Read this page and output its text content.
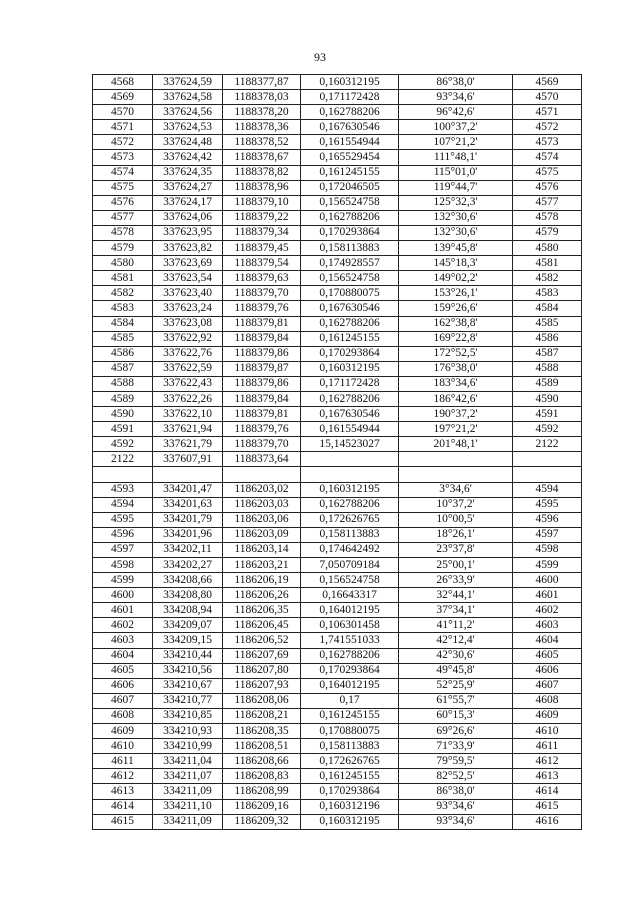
93
4568	337624,59	1188377,87	0,160312195	86°38,0'	4569
4569	337624,58	1188378,03	0,171172428	93°34,6'	4570
4570	337624,56	1188378,20	0,162788206	96°42,6'	4571
4571	337624,53	1188378,36	0,167630546	100°37,2'	4572
4572	337624,48	1188378,52	0,161554944	107°21,2'	4573
4573	337624,42	1188378,67	0,165529454	111°48,1'	4574
4574	337624,35	1188378,82	0,161245155	115°01,0'	4575
4575	337624,27	1188378,96	0,172046505	119°44,7'	4576
4576	337624,17	1188379,10	0,156524758	125°32,3'	4577
4577	337624,06	1188379,22	0,162788206	132°30,6'	4578
4578	337623,95	1188379,34	0,170293864	132°30,6'	4579
4579	337623,82	1188379,45	0,158113883	139°45,8'	4580
4580	337623,69	1188379,54	0,174928557	145°18,3'	4581
4581	337623,54	1188379,63	0,156524758	149°02,2'	4582
4582	337623,40	1188379,70	0,170880075	153°26,1'	4583
4583	337623,24	1188379,76	0,167630546	159°26,6'	4584
4584	337623,08	1188379,81	0,162788206	162°38,8'	4585
4585	337622,92	1188379,84	0,161245155	169°22,8'	4586
4586	337622,76	1188379,86	0,170293864	172°52,5'	4587
4587	337622,59	1188379,87	0,160312195	176°38,0'	4588
4588	337622,43	1188379,86	0,171172428	183°34,6'	4589
4589	337622,26	1188379,84	0,162788206	186°42,6'	4590
4590	337622,10	1188379,81	0,167630546	190°37,2'	4591
4591	337621,94	1188379,76	0,161554944	197°21,2'	4592
4592	337621,79	1188379,70	15,14523027	201°48,1'	2122
2122	337607,91	1188373,64			

4593	334201,47	1186203,02	0,160312195	3°34,6'	4594
4594	334201,63	1186203,03	0,162788206	10°37,2'	4595
4595	334201,79	1186203,06	0,172626765	10°00,5'	4596
4596	334201,96	1186203,09	0,158113883	18°26,1'	4597
4597	334202,11	1186203,14	0,174642492	23°37,8'	4598
4598	334202,27	1186203,21	7,050709184	25°00,1'	4599
4599	334208,66	1186206,19	0,156524758	26°33,9'	4600
4600	334208,80	1186206,26	0,16643317	32°44,1'	4601
4601	334208,94	1186206,35	0,164012195	37°34,1'	4602
4602	334209,07	1186206,45	0,106301458	41°11,2'	4603
4603	334209,15	1186206,52	1,741551033	42°12,4'	4604
4604	334210,44	1186207,69	0,162788206	42°30,6'	4605
4605	334210,56	1186207,80	0,170293864	49°45,8'	4606
4606	334210,67	1186207,93	0,164012195	52°25,9'	4607
4607	334210,77	1186208,06	0,17	61°55,7'	4608
4608	334210,85	1186208,21	0,161245155	60°15,3'	4609
4609	334210,93	1186208,35	0,170880075	69°26,6'	4610
4610	334210,99	1186208,51	0,158113883	71°33,9'	4611
4611	334211,04	1186208,66	0,172626765	79°59,5'	4612
4612	334211,07	1186208,83	0,161245155	82°52,5'	4613
4613	334211,09	1186208,99	0,170293864	86°38,0'	4614
4614	334211,10	1186209,16	0,160312196	93°34,6'	4615
4615	334211,09	1186209,32	0,160312195	93°34,6'	4616
